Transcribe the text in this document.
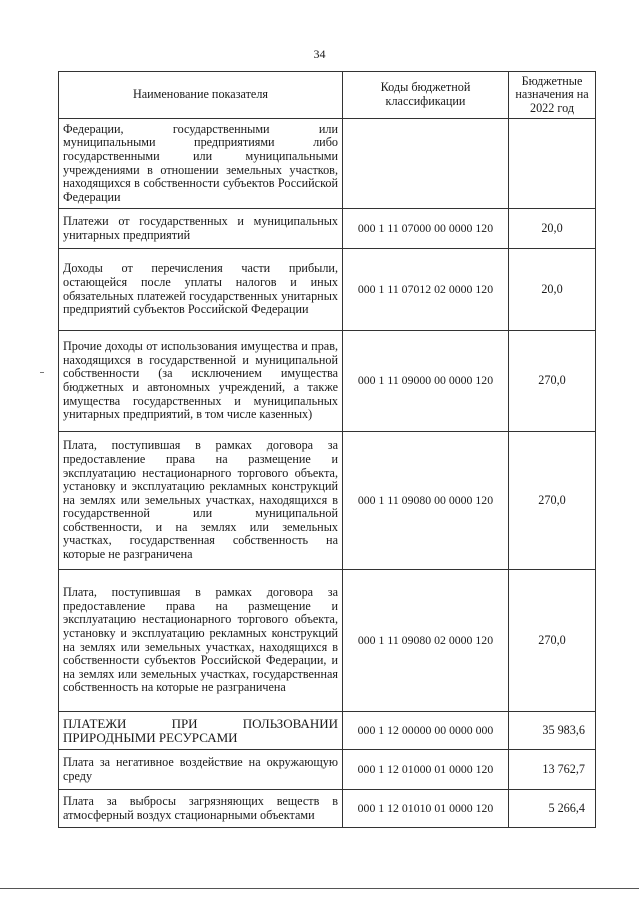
34
Наименование показателя	Коды бюджетной классификации	Бюджетные назначения на 2022 год
Федерации, государственными или муниципальными предприятиями либо государственными или муниципальными учреждениями в отношении земельных участков, находящихся в собственности субъектов Российской Федерации		
Платежи от государственных и муниципальных унитарных предприятий	000 1 11 07000 00 0000 120	20,0
Доходы от перечисления части прибыли, остающейся после уплаты налогов и иных обязательных платежей государственных унитарных предприятий субъектов Российской Федерации	000 1 11 07012 02 0000 120	20,0
Прочие доходы от использования имущества и прав, находящихся в государственной и муниципальной собственности (за исключением имущества бюджетных и автономных учреждений, а также имущества государственных и муниципальных унитарных предприятий, в том числе казенных)	000 1 11 09000 00 0000 120	270,0
Плата, поступившая в рамках договора за предоставление права на размещение и эксплуатацию нестационарного торгового объекта, установку и эксплуатацию рекламных конструкций на землях или земельных участках, находящихся в государственной или муниципальной собственности, и на землях или земельных участках, государственная собственность на которые не разграничена	000 1 11 09080 00 0000 120	270,0
Плата, поступившая в рамках договора за предоставление права на размещение и эксплуатацию нестационарного торгового объекта, установку и эксплуатацию рекламных конструкций на землях или земельных участках, находящихся в собственности субъектов Российской Федерации, и на землях или земельных участках, государственная собственность на которые не разграничена	000 1 11 09080 02 0000 120	270,0
ПЛАТЕЖИ ПРИ ПОЛЬЗОВАНИИ ПРИРОДНЫМИ РЕСУРСАМИ	000 1 12 00000 00 0000 000	35 983,6
Плата за негативное воздействие на окружающую среду	000 1 12 01000 01 0000 120	13 762,7
Плата за выбросы загрязняющих веществ в атмосферный воздух стационарными объектами	000 1 12 01010 01 0000 120	5 266,4
